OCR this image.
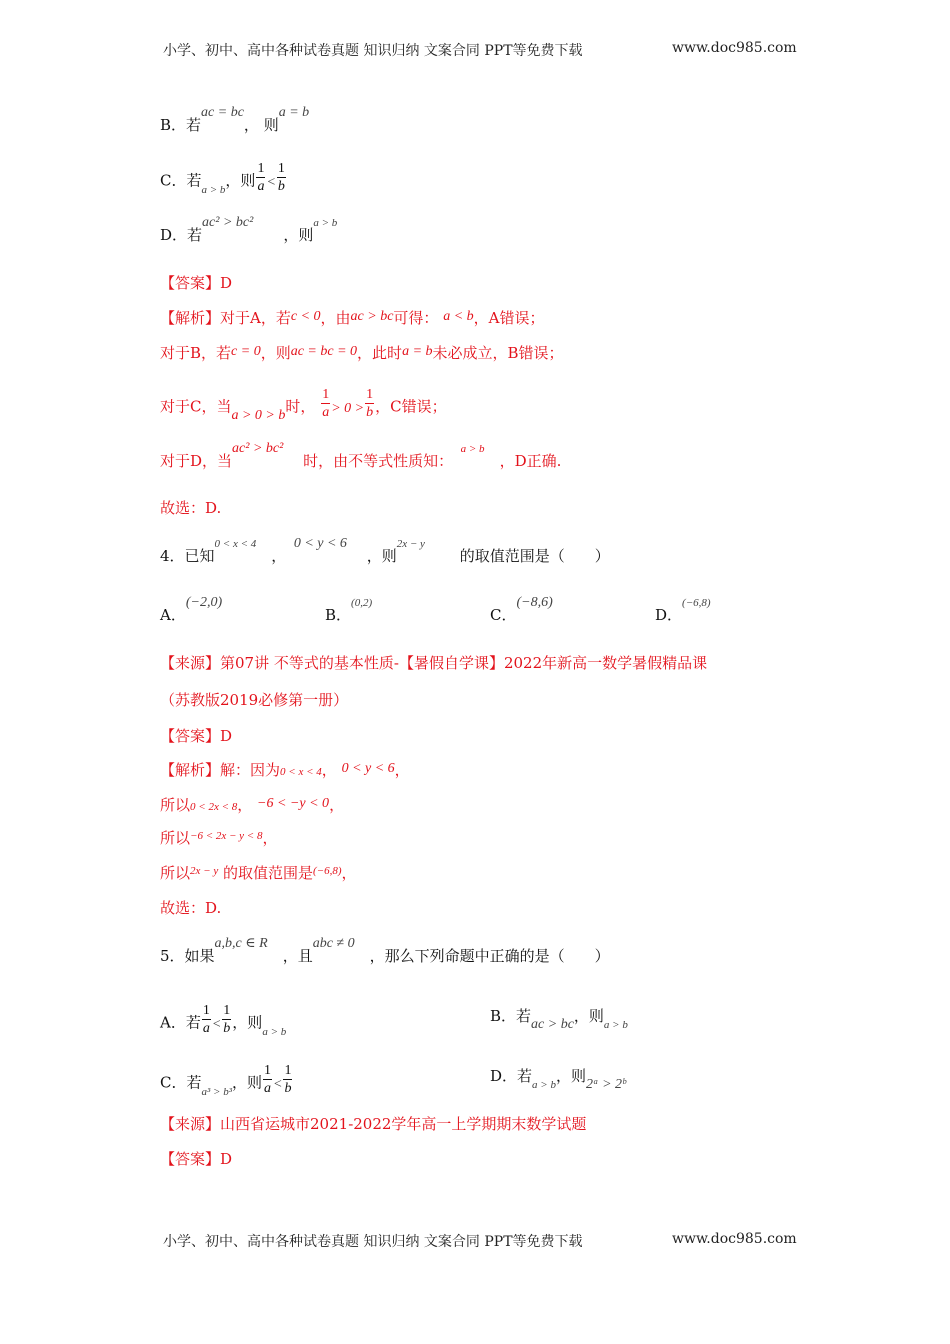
小学、初中、高中各种试卷真题 知识归纳 文案合同 PPT等免费下载	www.doc985.com
B．若ac = bc， 则a = b
C．若$_{a > b}$，则 $\frac{1}{a} < \frac{1}{b}$
D．若ac² > bc²　　，则$^{a > b}$
【答案】D
【解析】对于A，若c < 0，由ac > bc可得： a < b，A错误；
对于B，若c = 0，则ac = bc = 0，此时a = b未必成立，B错误；
对于C，当a > 0 > b时， $\frac{1}{a} > 0 > \frac{1}{b}$ ，C错误；
对于D，当ac² > bc²　 时，由不等式性质知：　$^{a > b}$　，D正确.
故选：D.
4．已知$^{0 < x < 4}$　，　0 < y < 6　 ，则$^{2x - y}$　　 的取值范围是（　　）
A．(−2,0)
B．$^{(0,2)}$
C．(−8,6)
D．$^{(-6,8)}$
【来源】第07讲 不等式的基本性质-【暑假自学课】2022年新高一数学暑假精品课
（苏教版2019必修第一册）
【答案】D
【解析】解：因为0 < x < 4， 0 < y < 6，
所以0 < 2x < 8， −6 < −y < 0，
所以$^{-6 < 2x - y < 8}$，
所以$^{2x - y}$ 的取值范围是$^{(-6,8)}$，
故选：D.
5．如果a,b,c ∈ R　，且abc ≠ 0　，那么下列命题中正确的是（　　）
A．若 $\frac{1}{a} < \frac{1}{b}$ ，则$_{a > b}$
B．若ac > bc，则$_{a > b}$
C．若$_{a^3 > b^3}$，则 $\frac{1}{a} < \frac{1}{b}$	D．若$_{a > b}$，则2ᵃ > 2ᵇ
【来源】山西省运城市2021-2022学年高一上学期期末数学试题
【答案】D
小学、初中、高中各种试卷真题 知识归纳 文案合同 PPT等免费下载	www.doc985.com
